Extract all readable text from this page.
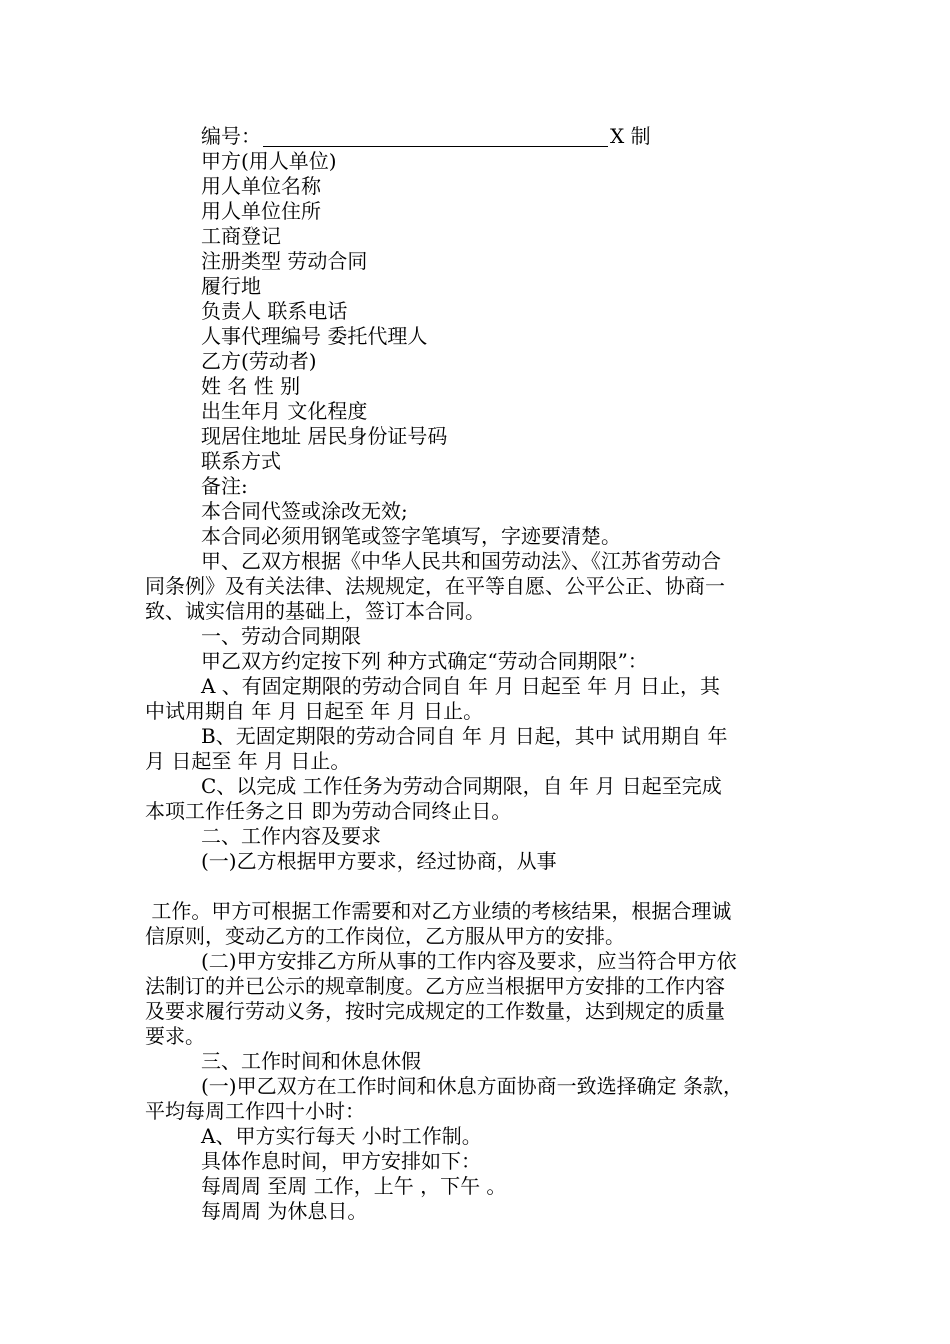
编号：	X 制
甲方(用人单位)
用人单位名称
用人单位住所
工商登记
注册类型 劳动合同
履行地
负责人 联系电话
人事代理编号 委托代理人
乙方(劳动者)
姓 名 性 别
出生年月 文化程度
现居住地址 居民身份证号码
联系方式
备注:
本合同代签或涂改无效;
本合同必须用钢笔或签字笔填写，字迹要清楚。
甲、乙双方根据《中华人民共和国劳动法》、《江苏省劳动合
同条例》及有关法律、法规规定，在平等自愿、公平公正、协商一
致、诚实信用的基础上，签订本合同。
一、劳动合同期限
甲乙双方约定按下列 种方式确定“劳动合同期限”：
A 、有固定期限的劳动合同自 年 月 日起至 年 月 日止，其
中试用期自 年 月 日起至 年 月 日止。
B、无固定期限的劳动合同自 年 月 日起，其中 试用期自 年
月 日起至 年 月 日止。
C、以完成 工作任务为劳动合同期限，自 年 月 日起至完成
本项工作任务之日 即为劳动合同终止日。
二、工作内容及要求
(一)乙方根据甲方要求，经过协商，从事
工作。甲方可根据工作需要和对乙方业绩的考核结果，根据合理诚
信原则，变动乙方的工作岗位，乙方服从甲方的安排。
(二)甲方安排乙方所从事的工作内容及要求，应当符合甲方依
法制订的并已公示的规章制度。乙方应当根据甲方安排的工作内容
及要求履行劳动义务，按时完成规定的工作数量，达到规定的质量
要求。
三、工作时间和休息休假
(一)甲乙双方在工作时间和休息方面协商一致选择确定 条款，
平均每周工作四十小时：
A、甲方实行每天 小时工作制。
具体作息时间，甲方安排如下：
每周周 至周 工作，上午 ，下午 。
每周周 为休息日。
